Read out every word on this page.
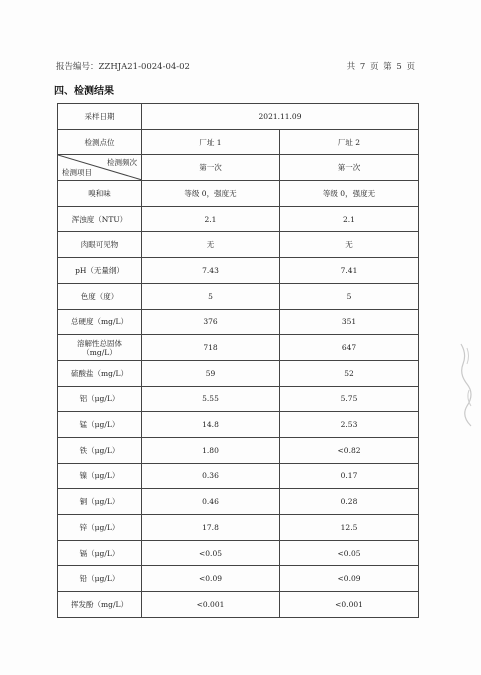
报告编号：ZZHJA21-0024-04-02	共 7 页 第 5 页
四、检测结果
采样日期	2021.11.09	
检测点位	厂址 1	厂址 2

检测频次
检测项目	第一次	第一次
嗅和味	等级 0，强度无	等级 0，强度无
浑浊度（NTU）	2.1	2.1
肉眼可见物	无	无
pH（无量纲）	7.43	7.41
色度（度）	5	5
总硬度（mg/L）	376	351
溶解性总固体
（mg/L）	718	647
硫酸盐（mg/L）	59	52
铝（μg/L）	5.55	5.75
锰（μg/L）	14.8	2.53
铁（μg/L）	1.80	<0.82
镍（μg/L）	0.36	0.17
铜（μg/L）	0.46	0.28
锌（μg/L）	17.8	12.5
镉（μg/L）	<0.05	<0.05
铅（μg/L）	<0.09	<0.09
挥发酚（mg/L）	<0.001	<0.001
